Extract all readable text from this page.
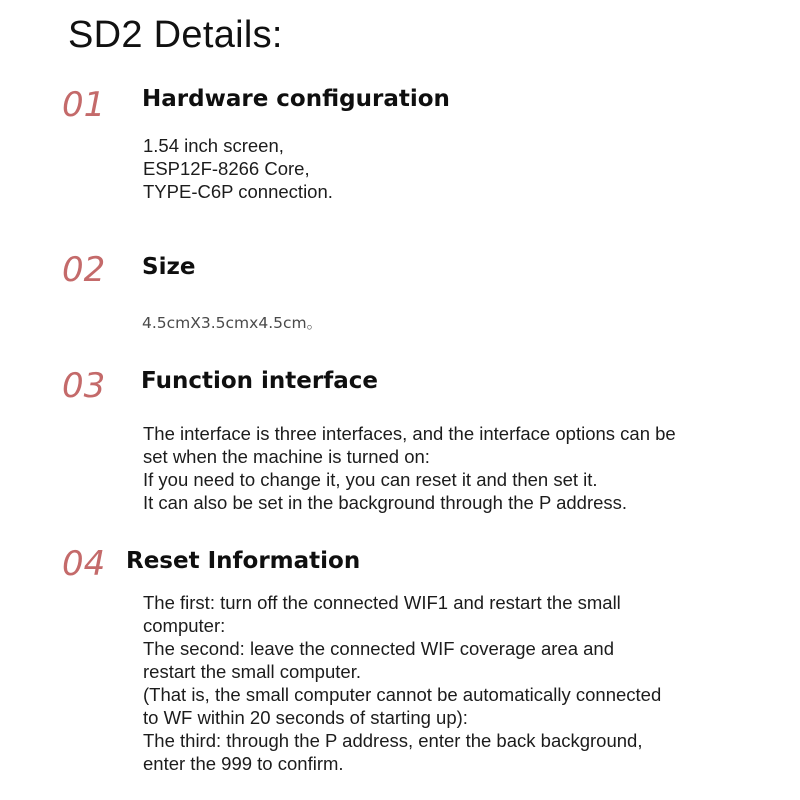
SD2 Details:
01 Hardware configuration
1.54 inch screen,
ESP12F-8266 Core,
TYPE-C6P connection.
02 Size
4.5cmX3.5cmx4.5cm。
03 Function interface
The interface is three interfaces, and the interface options can be
set when the machine is turned on:
If you need to change it, you can reset it and then set it.
It can also be set in the background through the P address.
04 Reset Information
The first: turn off the connected WIF1 and restart the small
computer:
The second: leave the connected WIF coverage area and
restart the small computer.
(That is, the small computer cannot be automatically connected
to WF within 20 seconds of starting up):
The third: through the P address, enter the back background,
enter the 999 to confirm.
